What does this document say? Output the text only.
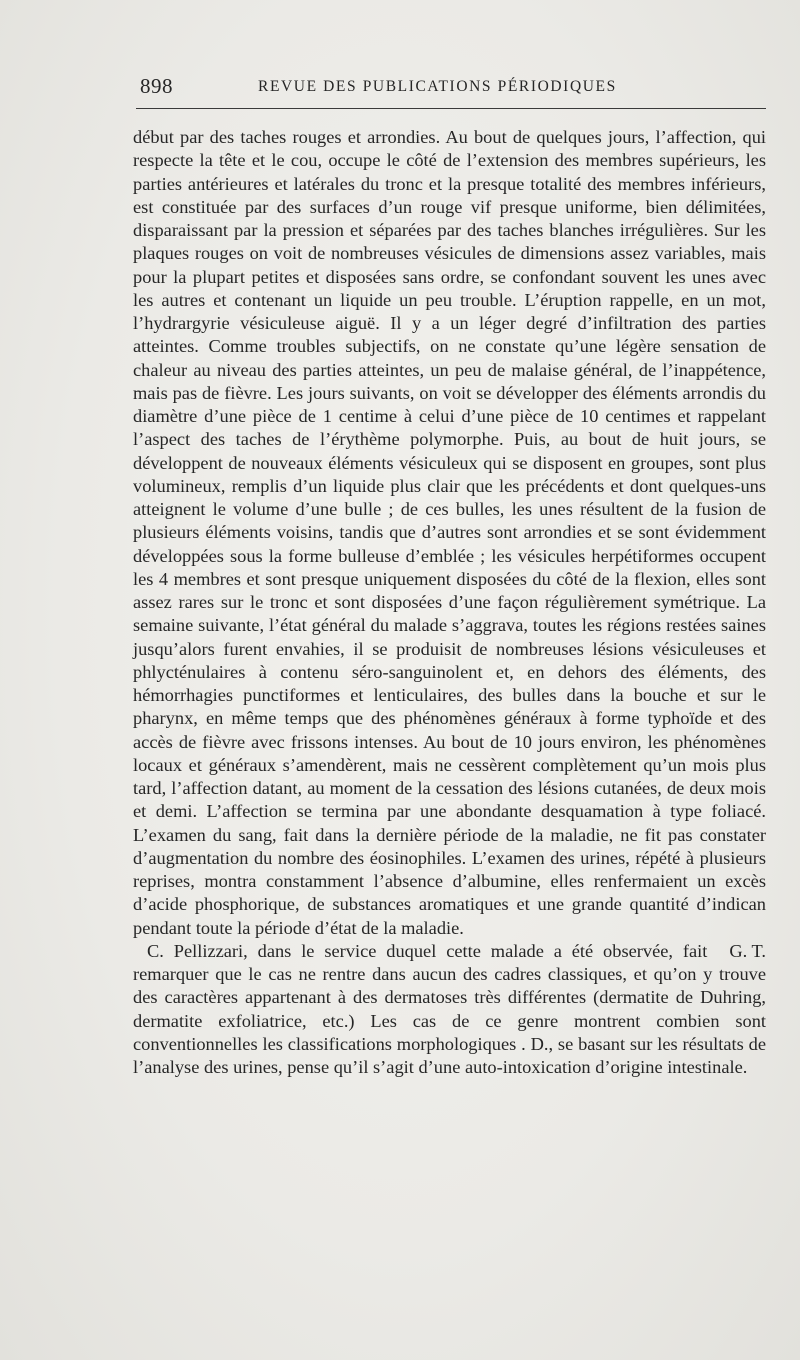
898	REVUE DES PUBLICATIONS PÉRIODIQUES

début par des taches rouges et arrondies. Au bout de quelques jours, l’affection, qui respecte la tête et le cou, occupe le côté de l’extension des membres supérieurs, les parties antérieures et latérales du tronc et la presque totalité des membres inférieurs, est constituée par des surfaces d’un rouge vif presque uniforme, bien délimitées, disparaissant par la pression et séparées par des taches blanches irrégulières. Sur les plaques rouges on voit de nombreuses vésicules de dimensions assez variables, mais pour la plupart petites et disposées sans ordre, se confondant souvent les unes avec les autres et contenant un liquide un peu trouble. L’éruption rappelle, en un mot, l’hydrargyrie vésiculeuse aiguë. Il y a un léger degré d’infiltration des parties atteintes. Comme troubles subjectifs, on ne constate qu’une légère sensation de chaleur au niveau des parties atteintes, un peu de malaise général, de l’inappétence, mais pas de fièvre. Les jours suivants, on voit se développer des éléments arrondis du diamètre d’une pièce de 1 centime à celui d’une pièce de 10 centimes et rappelant l’aspect des taches de l’érythème polymorphe. Puis, au bout de huit jours, se développent de nouveaux éléments vésiculeux qui se disposent en groupes, sont plus volumineux, remplis d’un liquide plus clair que les précédents et dont quelques-uns atteignent le volume d’une bulle ; de ces bulles, les unes résultent de la fusion de plusieurs éléments voisins, tandis que d’autres sont arrondies et se sont évidemment développées sous la forme bulleuse d’emblée ; les vésicules herpétiformes occupent les 4 membres et sont presque uniquement disposées du côté de la flexion, elles sont assez rares sur le tronc et sont disposées d’une façon régulièrement symétrique. La semaine suivante, l’état général du malade s’aggrava, toutes les régions restées saines jusqu’alors furent envahies, il se produisit de nombreuses lésions vésiculeuses et phlycténulaires à contenu séro-sanguinolent et, en dehors des éléments, des hémorrhagies punctiformes et lenticulaires, des bulles dans la bouche et sur le pharynx, en même temps que des phénomènes généraux à forme typhoïde et des accès de fièvre avec frissons intenses. Au bout de 10 jours environ, les phénomènes locaux et généraux s’amendèrent, mais ne cessèrent complètement qu’un mois plus tard, l’affection datant, au moment de la cessation des lésions cutanées, de deux mois et demi. L’affection se termina par une abondante desquamation à type foliacé. L’examen du sang, fait dans la dernière période de la maladie, ne fit pas constater d’augmentation du nombre des éosinophiles. L’examen des urines, répété à plusieurs reprises, montra constamment l’absence d’albumine, elles renfermaient un excès d’acide phosphorique, de substances aromatiques et une grande quantité d’indican pendant toute la période d’état de la maladie.

G. T.
C. Pellizzari, dans le service duquel cette malade a été observée, fait remarquer que le cas ne rentre dans aucun des cadres classiques, et qu’on y trouve des caractères appartenant à des dermatoses très différentes (dermatite de Duhring, dermatite exfoliatrice, etc.) Les cas de ce genre montrent combien sont conventionnelles les classifications morphologiques . D., se basant sur les résultats de l’analyse des urines, pense qu’il s’agit d’une auto-intoxication d’origine intestinale.
